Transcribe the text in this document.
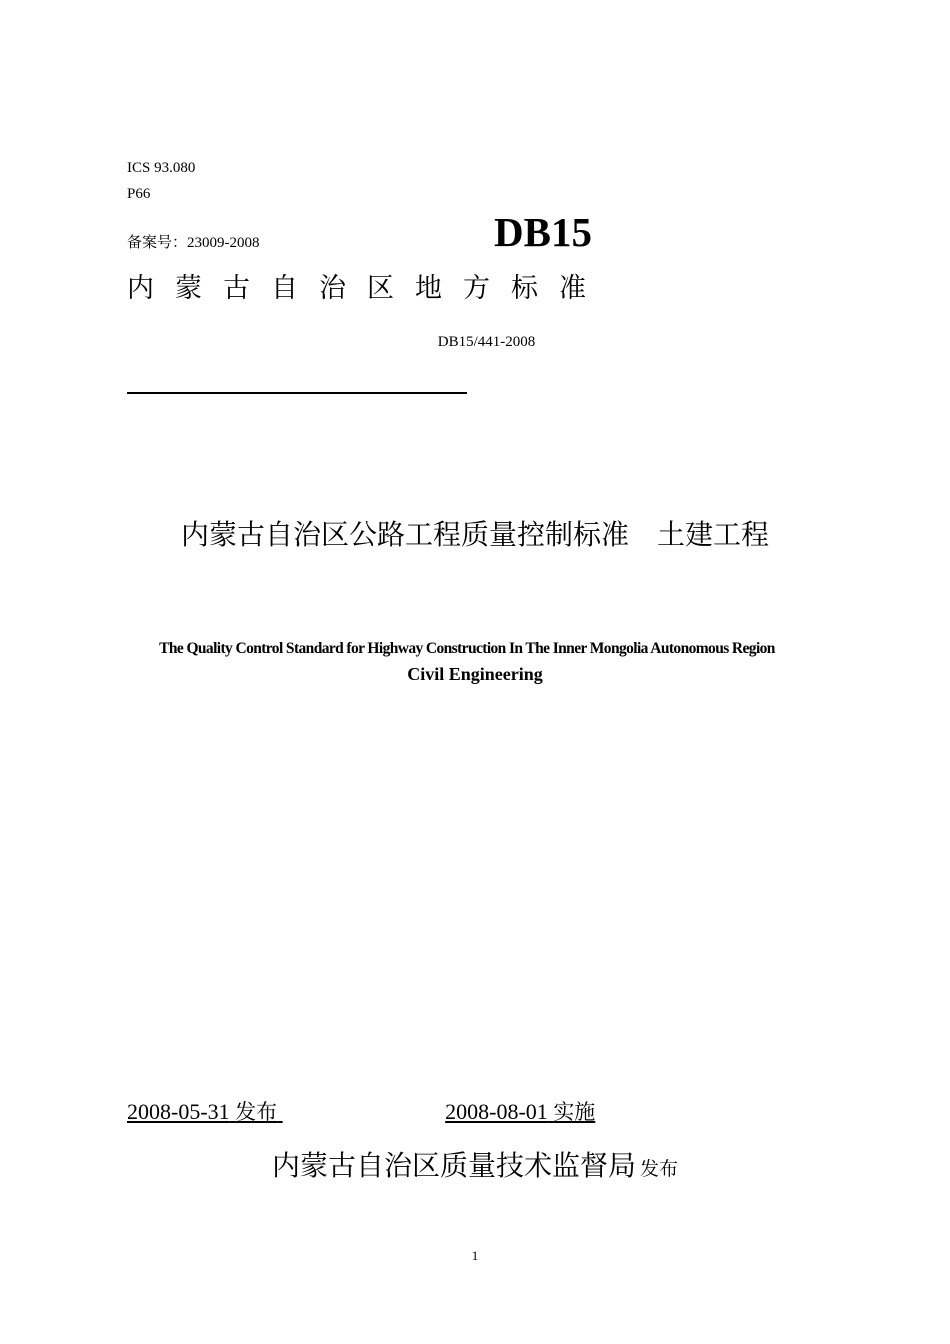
ICS 93.080
P66
备案号：23009-2008	DB15
内蒙古自治区地方标准
DB15/441-2008
内蒙古自治区公路工程质量控制标准　土建工程
The Quality Control Standard for Highway Construction In The Inner Mongolia Autonomous Region
Civil Engineering
2008-05-31 发布	2008-08-01 实施
内蒙古自治区质量技术监督局 发布
1
